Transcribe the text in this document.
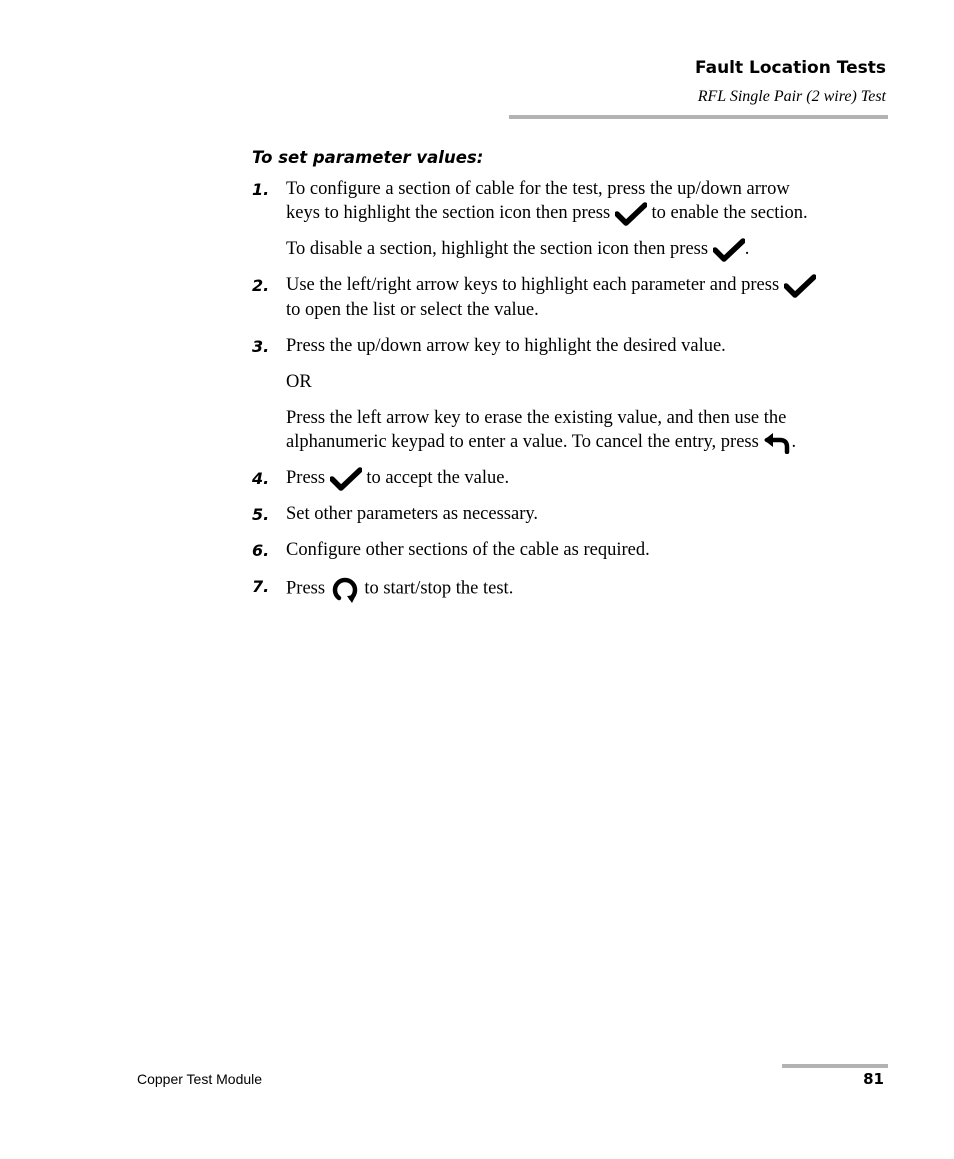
Fault Location Tests
RFL Single Pair (2 wire) Test
To set parameter values:
1. To configure a section of cable for the test, press the up/down arrow
keys to highlight the section icon then press to enable the section.
To disable a section, highlight the section icon then press .
2. Use the left/right arrow keys to highlight each parameter and press
to open the list or select the value.
3. Press the up/down arrow key to highlight the desired value.
OR
Press the left arrow key to erase the existing value, and then use the
alphanumeric keypad to enter a value. To cancel the entry, press .
4. Press to accept the value.
5. Set other parameters as necessary.
6. Configure other sections of the cable as required.
7. Press to start/stop the test.
Copper Test Module	81
